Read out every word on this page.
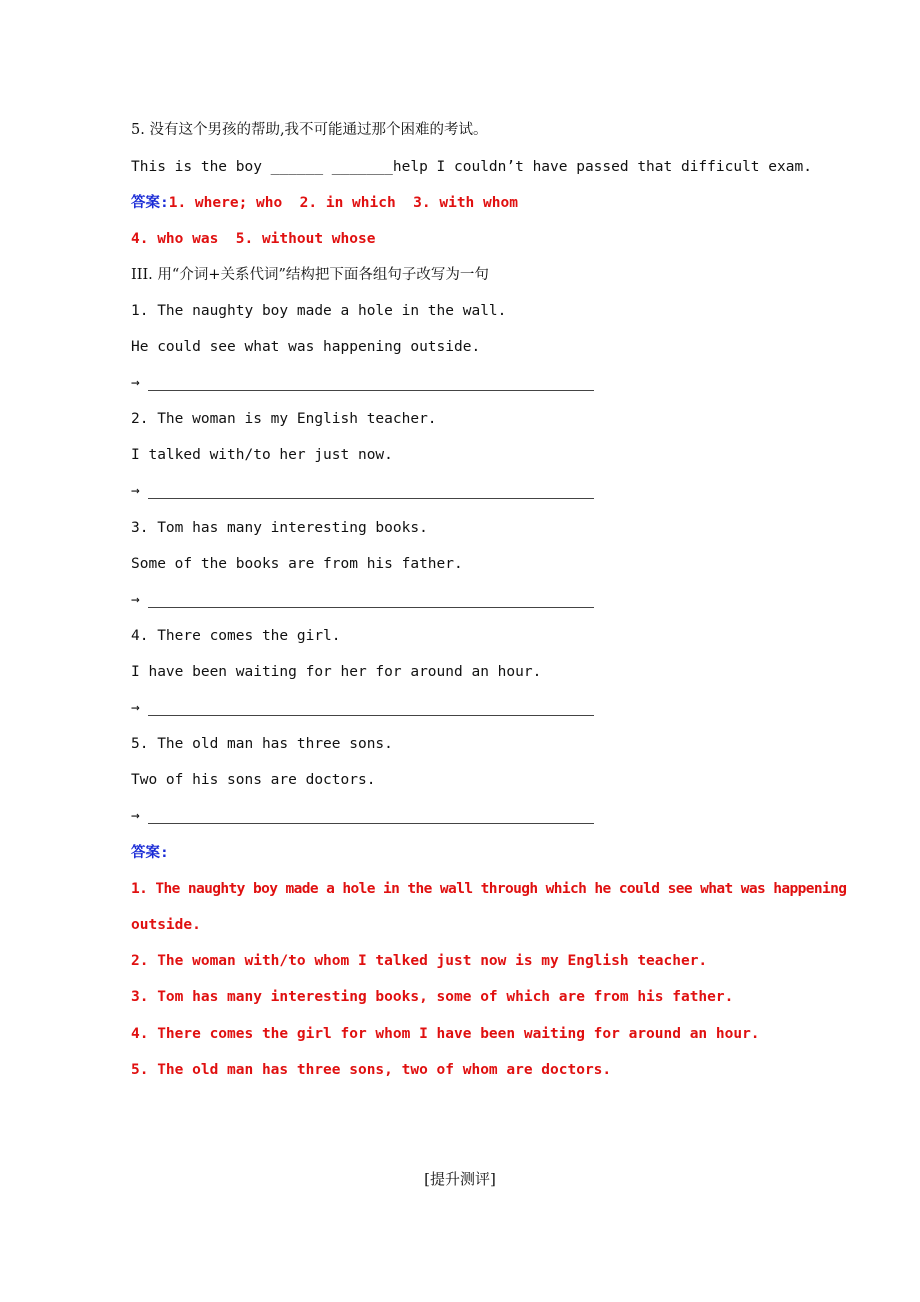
5. 没有这个男孩的帮助,我不可能通过那个困难的考试。
This is the boy ______ _______help I couldn’t have passed that difficult exam.
答案:1. where; who  2. in which  3. with whom
4. who was  5. without whose
III. 用“介词+关系代词”结构把下面各组句子改写为一句
1. The naughty boy made a hole in the wall.
He could see what was happening outside.
→
2. The woman is my English teacher.
I talked with/to her just now.
→
3. Tom has many interesting books.
Some of the books are from his father.
→
4. There comes the girl.
I have been waiting for her for around an hour.
→
5. The old man has three sons.
Two of his sons are doctors.
→
答案:
1. The naughty boy made a hole in the wall through which he could see what was happening
outside.
2. The woman with/to whom I talked just now is my English teacher.
3. Tom has many interesting books, some of which are from his father.
4. There comes the girl for whom I have been waiting for around an hour.
5. The old man has three sons, two of whom are doctors.
[提升测评]
